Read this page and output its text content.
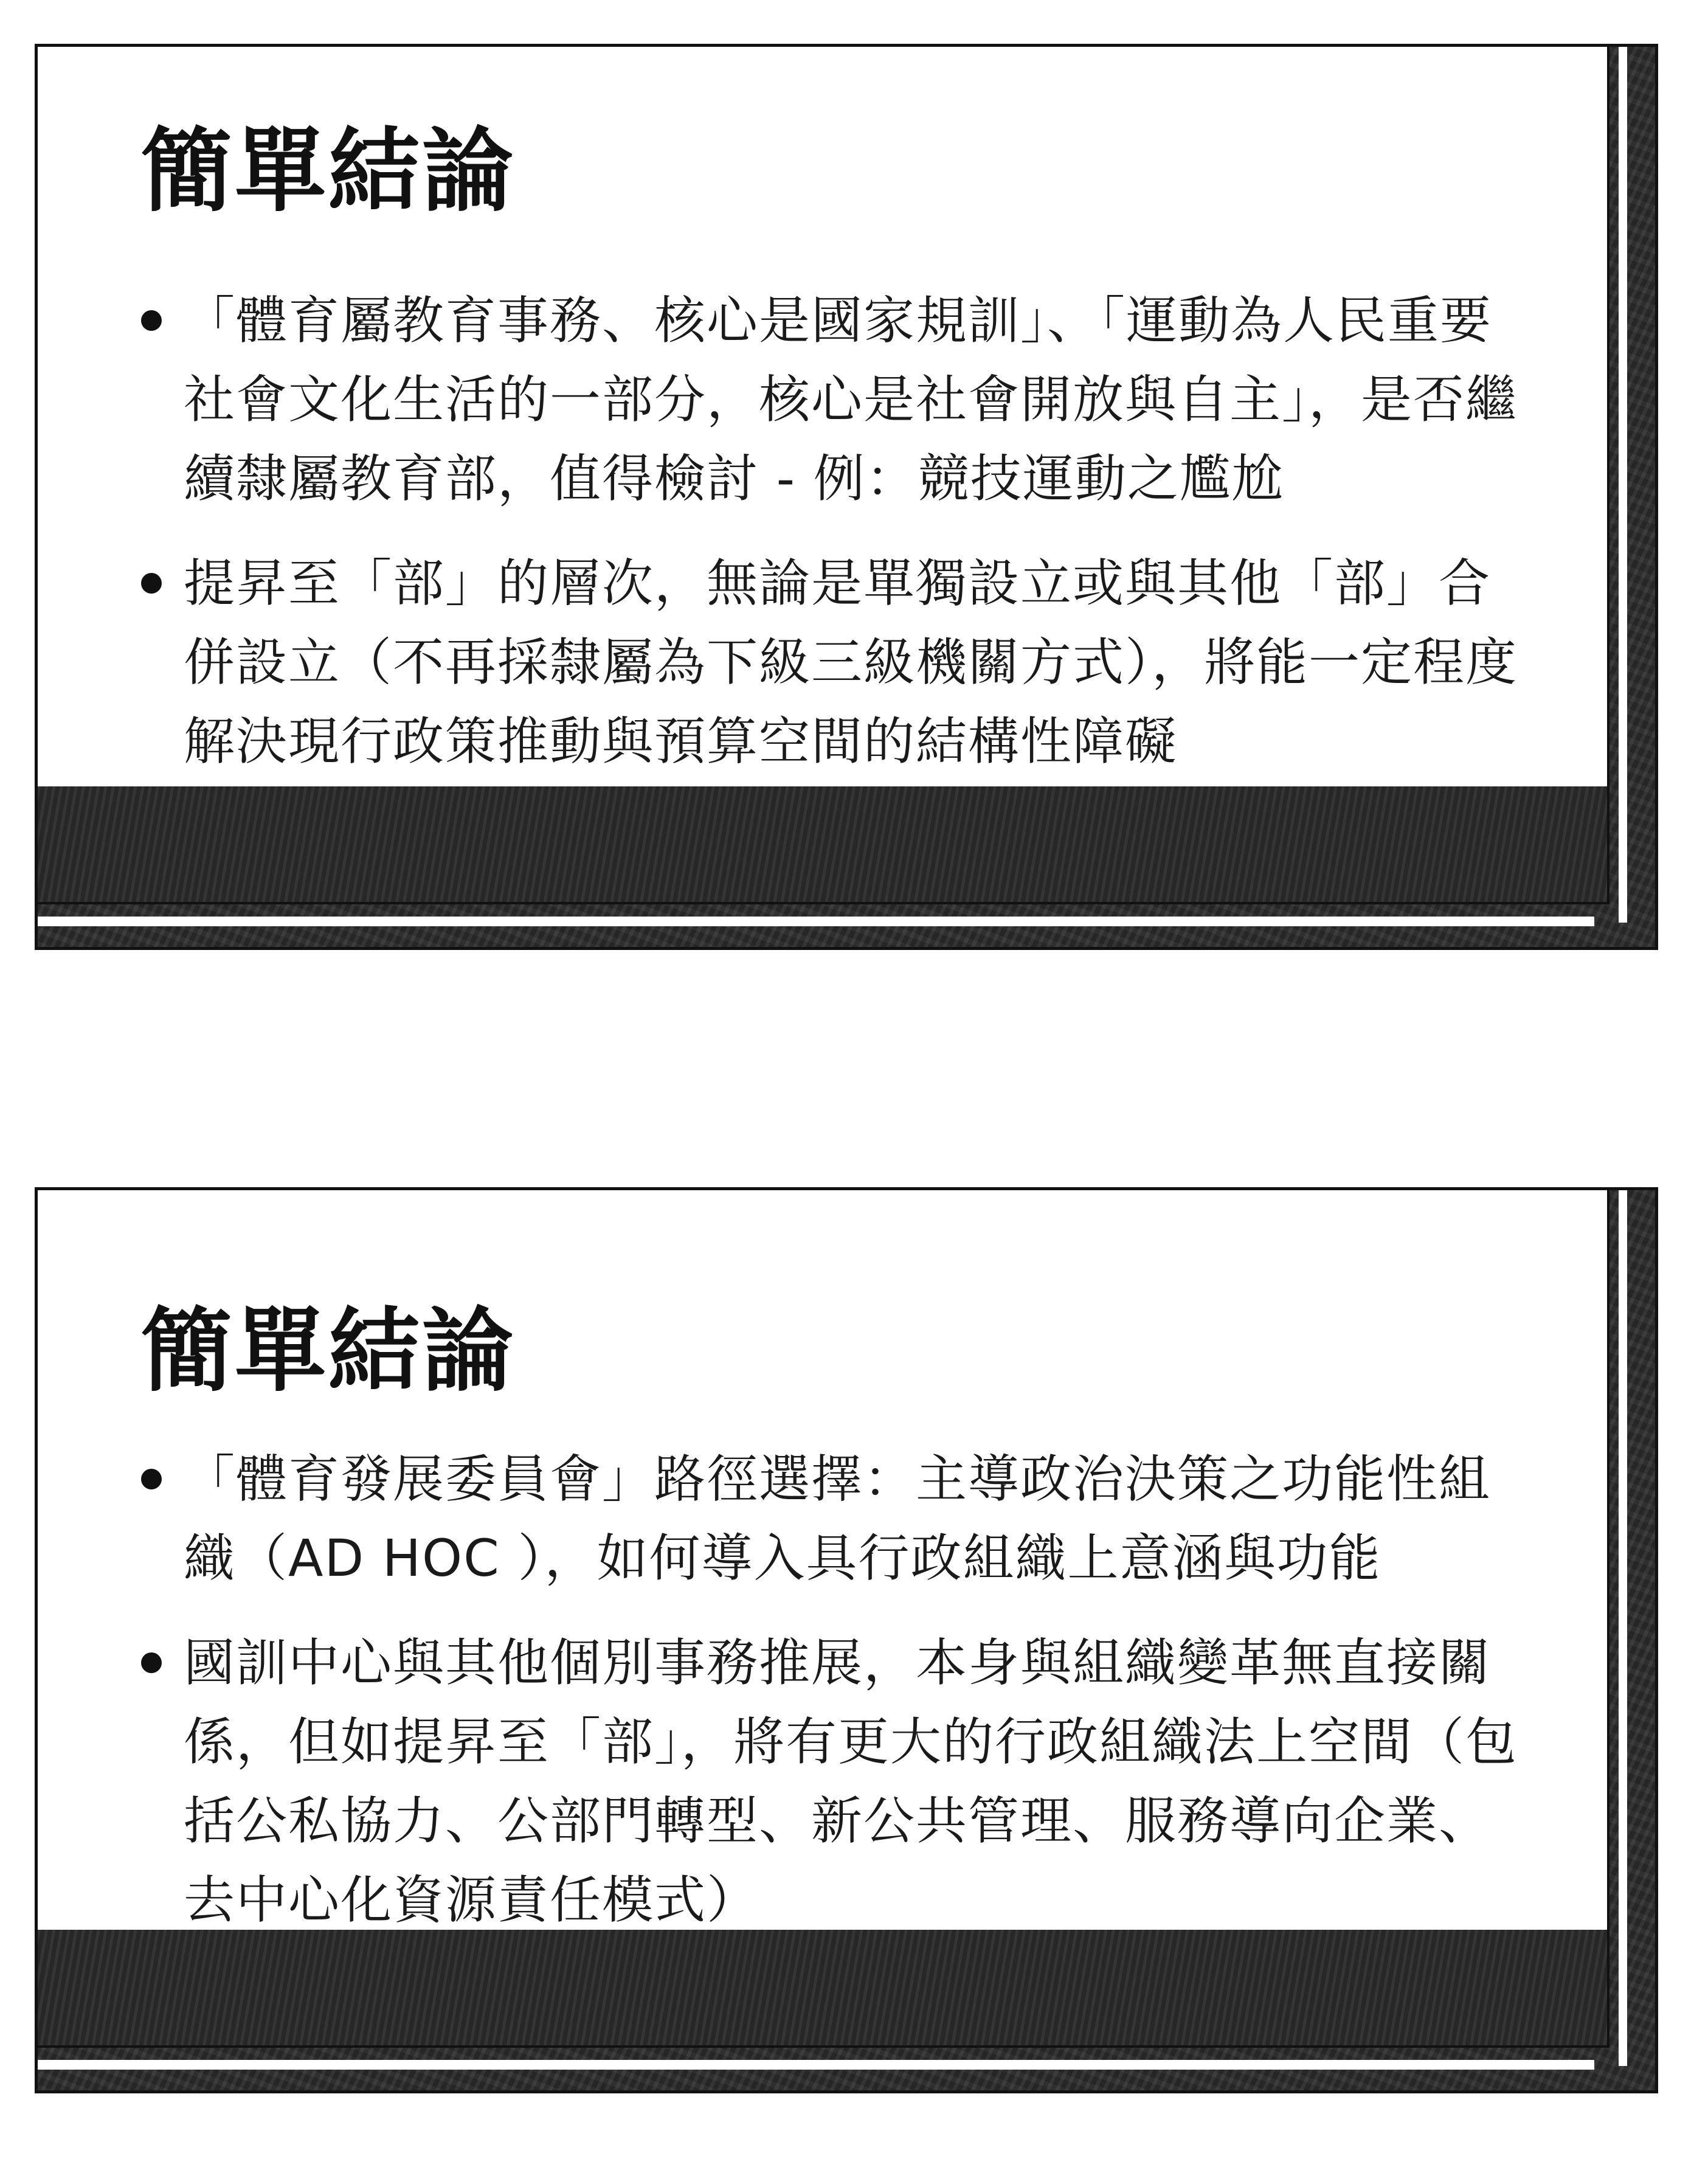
簡單結論
「體育屬教育事務、核心是國家規訓」、「運動為人民重要社會文化生活的一部分，核心是社會開放與自主」，是否繼續隸屬教育部，值得檢討 - 例：競技運動之尷尬
提昇至「部」的層次，無論是單獨設立或與其他「部」合併設立（不再採隸屬為下級三級機關方式），將能一定程度解決現行政策推動與預算空間的結構性障礙
簡單結論
「體育發展委員會」路徑選擇：主導政治決策之功能性組織（AD HOC ），如何導入具行政組織上意涵與功能
國訓中心與其他個別事務推展，本身與組織變革無直接關係，但如提昇至「部」，將有更大的行政組織法上空間（包括公私協力、公部門轉型、新公共管理、服務導向企業、去中心化資源責任模式）
